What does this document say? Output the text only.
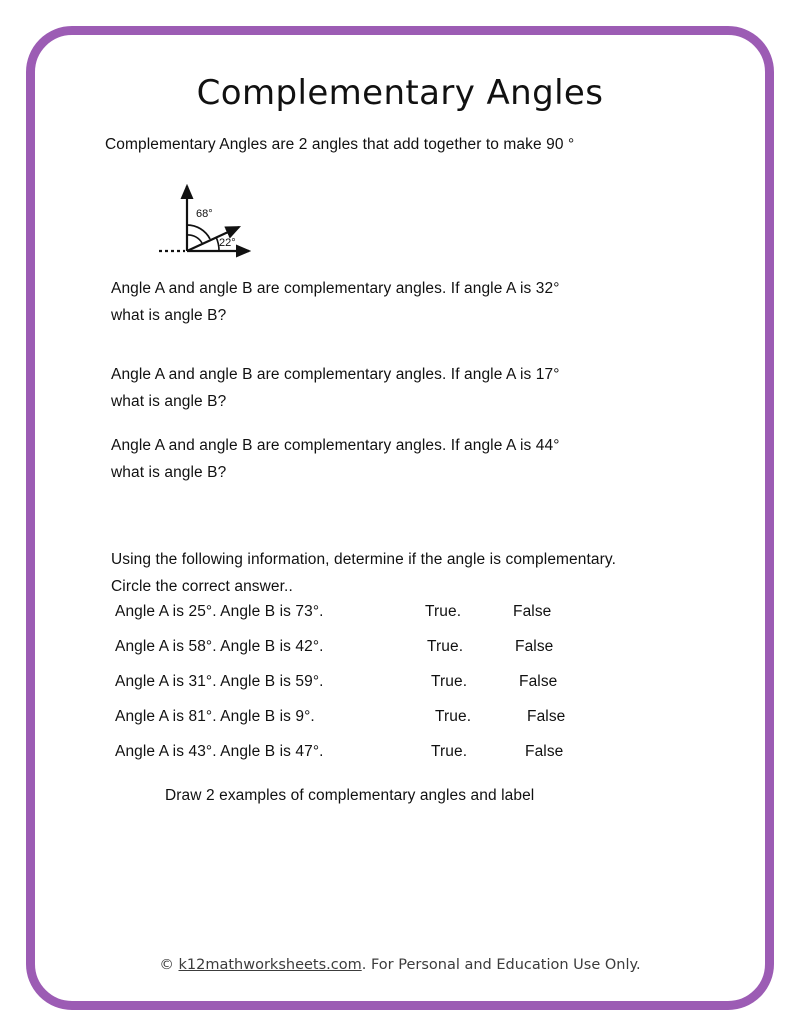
Complementary Angles
Complementary Angles are 2 angles that add together to make 90 °
68°
22°
Angle A and angle B are complementary angles. If angle A is 32°
what is angle B?
Angle A and angle B are complementary angles. If angle A is 17°
what is angle B?
Angle A and angle B are complementary angles. If angle A is 44°
what is angle B?
Using the following information, determine if the angle is complementary.
Circle the correct answer..
Angle A is 25°. Angle B is 73°.	True.	False
Angle A is 58°. Angle B is 42°.	True.	False
Angle A is 31°. Angle B is 59°.	True.	False
Angle A is 81°. Angle B is 9°.	True.	False
Angle A is 43°. Angle B is 47°.	True.	False
Draw 2 examples of complementary angles and label
© k12mathworksheets.com. For Personal and Education Use Only.
